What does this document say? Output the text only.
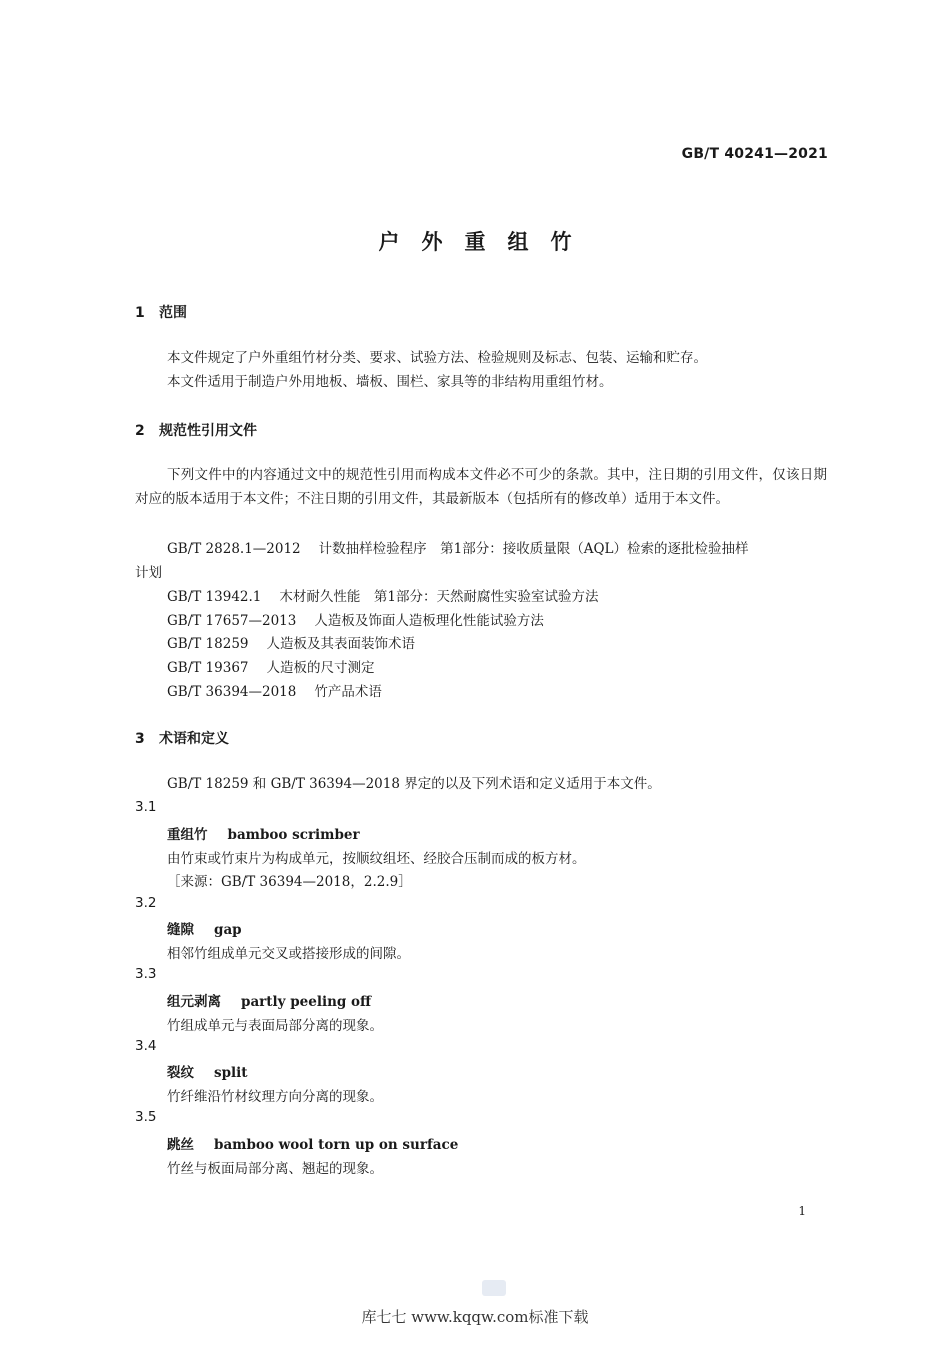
GB/T 40241—2021
户外重组竹
1 范围
本文件规定了户外重组竹材分类、要求、试验方法、检验规则及标志、包装、运输和贮存。
本文件适用于制造户外用地板、墙板、围栏、家具等的非结构用重组竹材。
2 规范性引用文件
下列文件中的内容通过文中的规范性引用而构成本文件必不可少的条款。其中，注日期的引用文件，仅该日期对应的版本适用于本文件；不注日期的引用文件，其最新版本（包括所有的修改单）适用于本文件。
GB/T 2828.1—2012 计数抽样检验程序　第1部分：接收质量限（AQL）检索的逐批检验抽样
计划
GB/T 13942.1 木材耐久性能　第1部分：天然耐腐性实验室试验方法
GB/T 17657—2013 人造板及饰面人造板理化性能试验方法
GB/T 18259 人造板及其表面装饰术语
GB/T 19367 人造板的尺寸测定
GB/T 36394—2018 竹产品术语
3 术语和定义
GB/T 18259 和 GB/T 36394—2018 界定的以及下列术语和定义适用于本文件。
3.1
重组竹 bamboo scrimber
由竹束或竹束片为构成单元，按顺纹组坯、经胶合压制而成的板方材。
［来源：GB/T 36394—2018，2.2.9］
3.2
缝隙 gap
相邻竹组成单元交叉或搭接形成的间隙。
3.3
组元剥离 partly peeling off
竹组成单元与表面局部分离的现象。
3.4
裂纹 split
竹纤维沿竹材纹理方向分离的现象。
3.5
跳丝 bamboo wool torn up on surface
竹丝与板面局部分离、翘起的现象。
1
库七七 www.kqqw.com标准下载
